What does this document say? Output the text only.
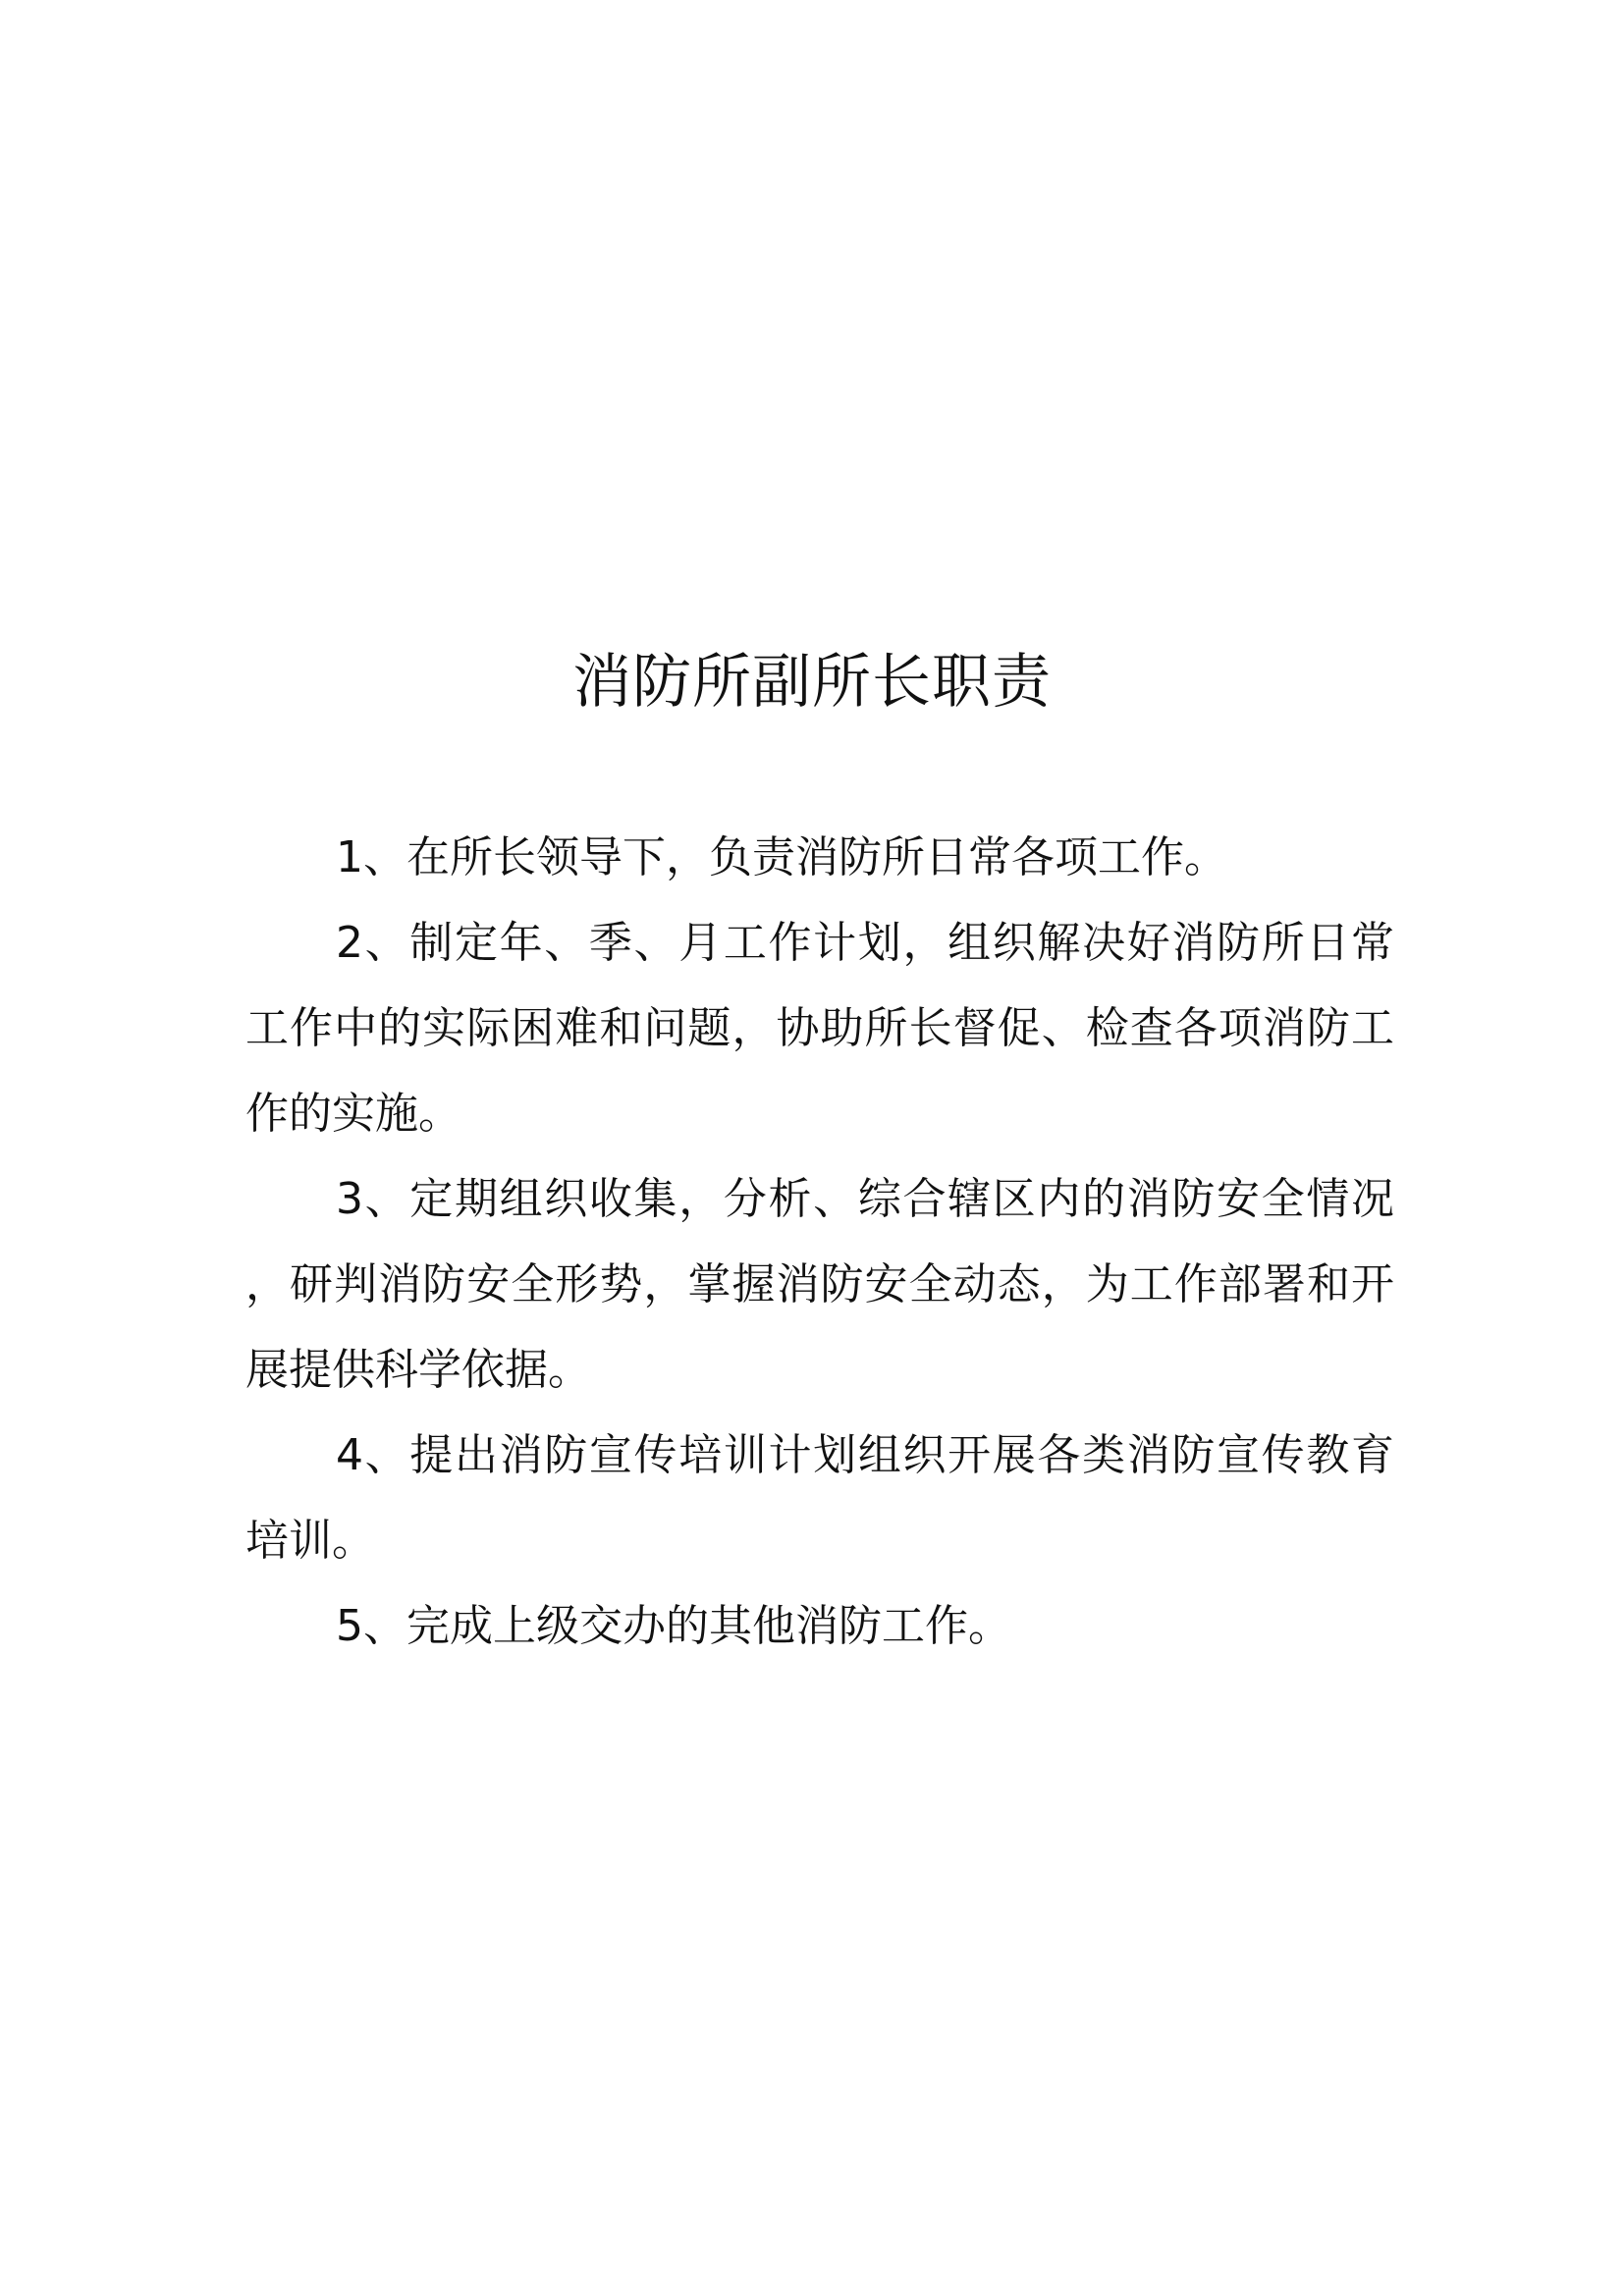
消防所副所长职责

1、在所长领导下，负责消防所日常各项工作。

2、制定年、季、月工作计划，组织解决好消防所日常工作中的实际困难和问题，协助所长督促、检查各项消防工作的实施。

3、定期组织收集，分析、综合辖区内的消防安全情况，研判消防安全形势，掌握消防安全动态，为工作部署和开展提供科学依据。

4、提出消防宣传培训计划组织开展各类消防宣传教育培训。

5、完成上级交办的其他消防工作。
